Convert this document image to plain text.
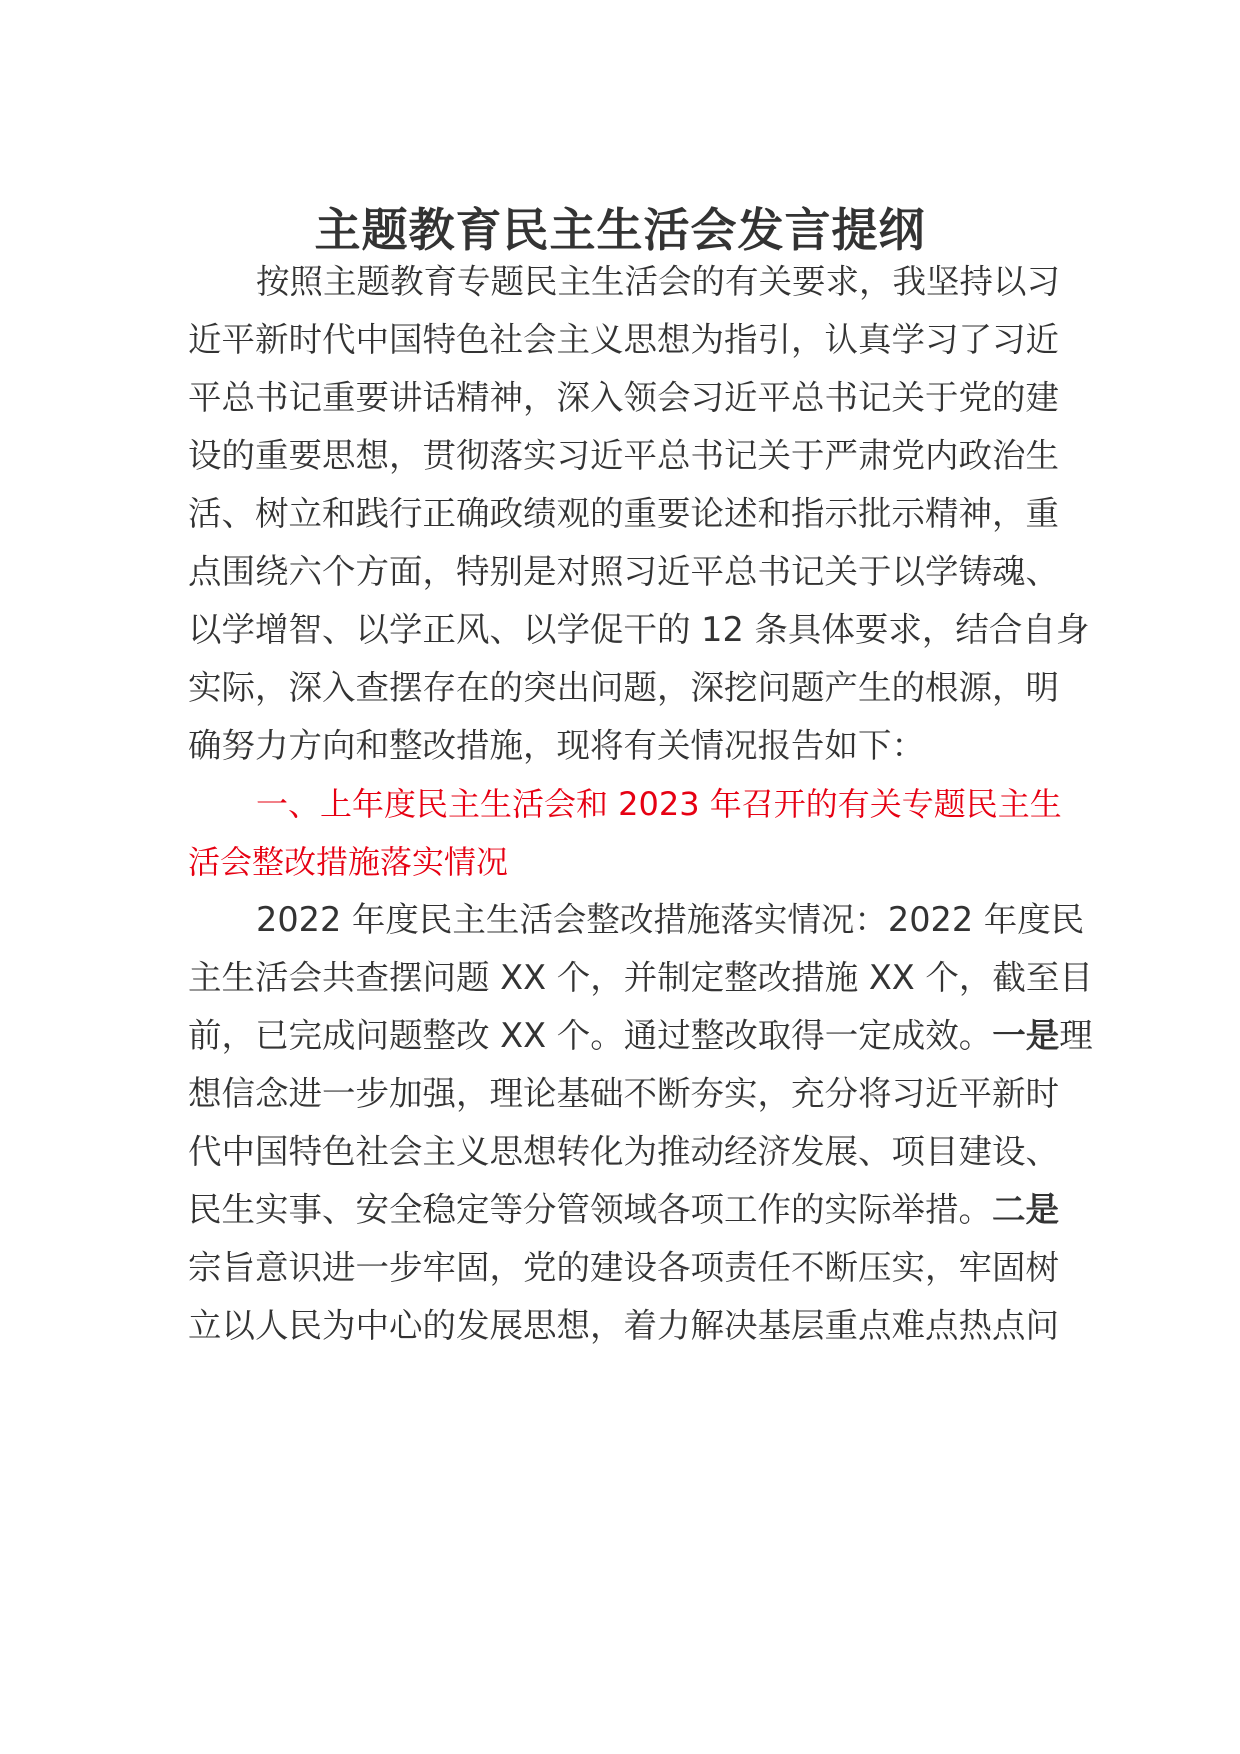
主题教育民主生活会发言提纲
按照主题教育专题民主生活会的有关要求，我坚持以习
近平新时代中国特色社会主义思想为指引，认真学习了习近
平总书记重要讲话精神，深入领会习近平总书记关于党的建
设的重要思想，贯彻落实习近平总书记关于严肃党内政治生
活、树立和践行正确政绩观的重要论述和指示批示精神，重
点围绕六个方面，特别是对照习近平总书记关于以学铸魂、
以学增智、以学正风、以学促干的 12 条具体要求，结合自身
实际，深入查摆存在的突出问题，深挖问题产生的根源，明
确努力方向和整改措施，现将有关情况报告如下：
一、上年度民主生活会和 2023 年召开的有关专题民主生
活会整改措施落实情况
2022 年度民主生活会整改措施落实情况：2022 年度民
主生活会共查摆问题 XX 个，并制定整改措施 XX 个，截至目
前，已完成问题整改 XX 个。通过整改取得一定成效。一是理
想信念进一步加强，理论基础不断夯实，充分将习近平新时
代中国特色社会主义思想转化为推动经济发展、项目建设、
民生实事、安全稳定等分管领域各项工作的实际举措。二是
宗旨意识进一步牢固，党的建设各项责任不断压实，牢固树
立以人民为中心的发展思想，着力解决基层重点难点热点问
